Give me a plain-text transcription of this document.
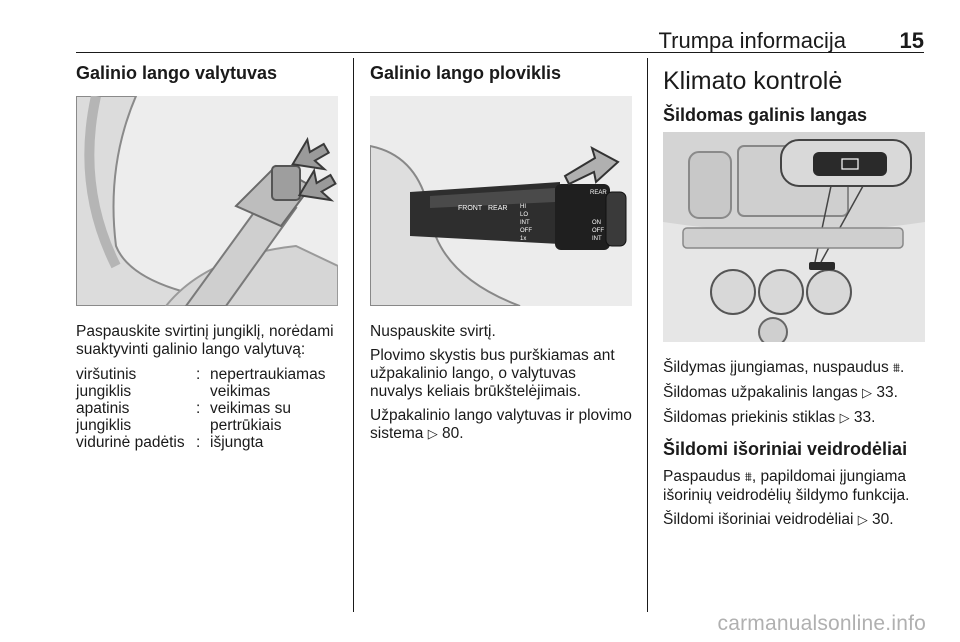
Trumpa informacija 15
Galinio lango valytuvas

Paspauskite svirtinį jungiklį, norėdami suaktyvinti galinio lango valytuvą:

viršutinis jungiklis
: nepertraukiamas veikimas
apatinis jungiklis
: veikimas su pertrūkiais
vidurinė padėtis : išjungta
Galinio lango ploviklis
FRONT REAR HI
LO
INT
OFF
1x
REAR
ON
OFF
INT

Nuspauskite svirtį.

Plovimo skystis bus purškiamas ant užpakalinio lango, o valytuvas nuvalys keliais brūkštelėjimais.

Užpakalinio lango valytuvas ir plovimo sistema ▷ 80.

Klimato kontrolė
Šildomas galinis langas

Šildymas įjungiamas, nuspaudus ⩩.

Šildomas užpakalinis langas ▷ 33.

Šildomas priekinis stiklas ▷ 33.

Šildomi išoriniai veidrodėliai

Paspaudus ⩩, papildomai įjungiama išorinių veidrodėlių šildymo funkcija.

Šildomi išoriniai veidrodėliai ▷ 30.

carmanualsonline.info
